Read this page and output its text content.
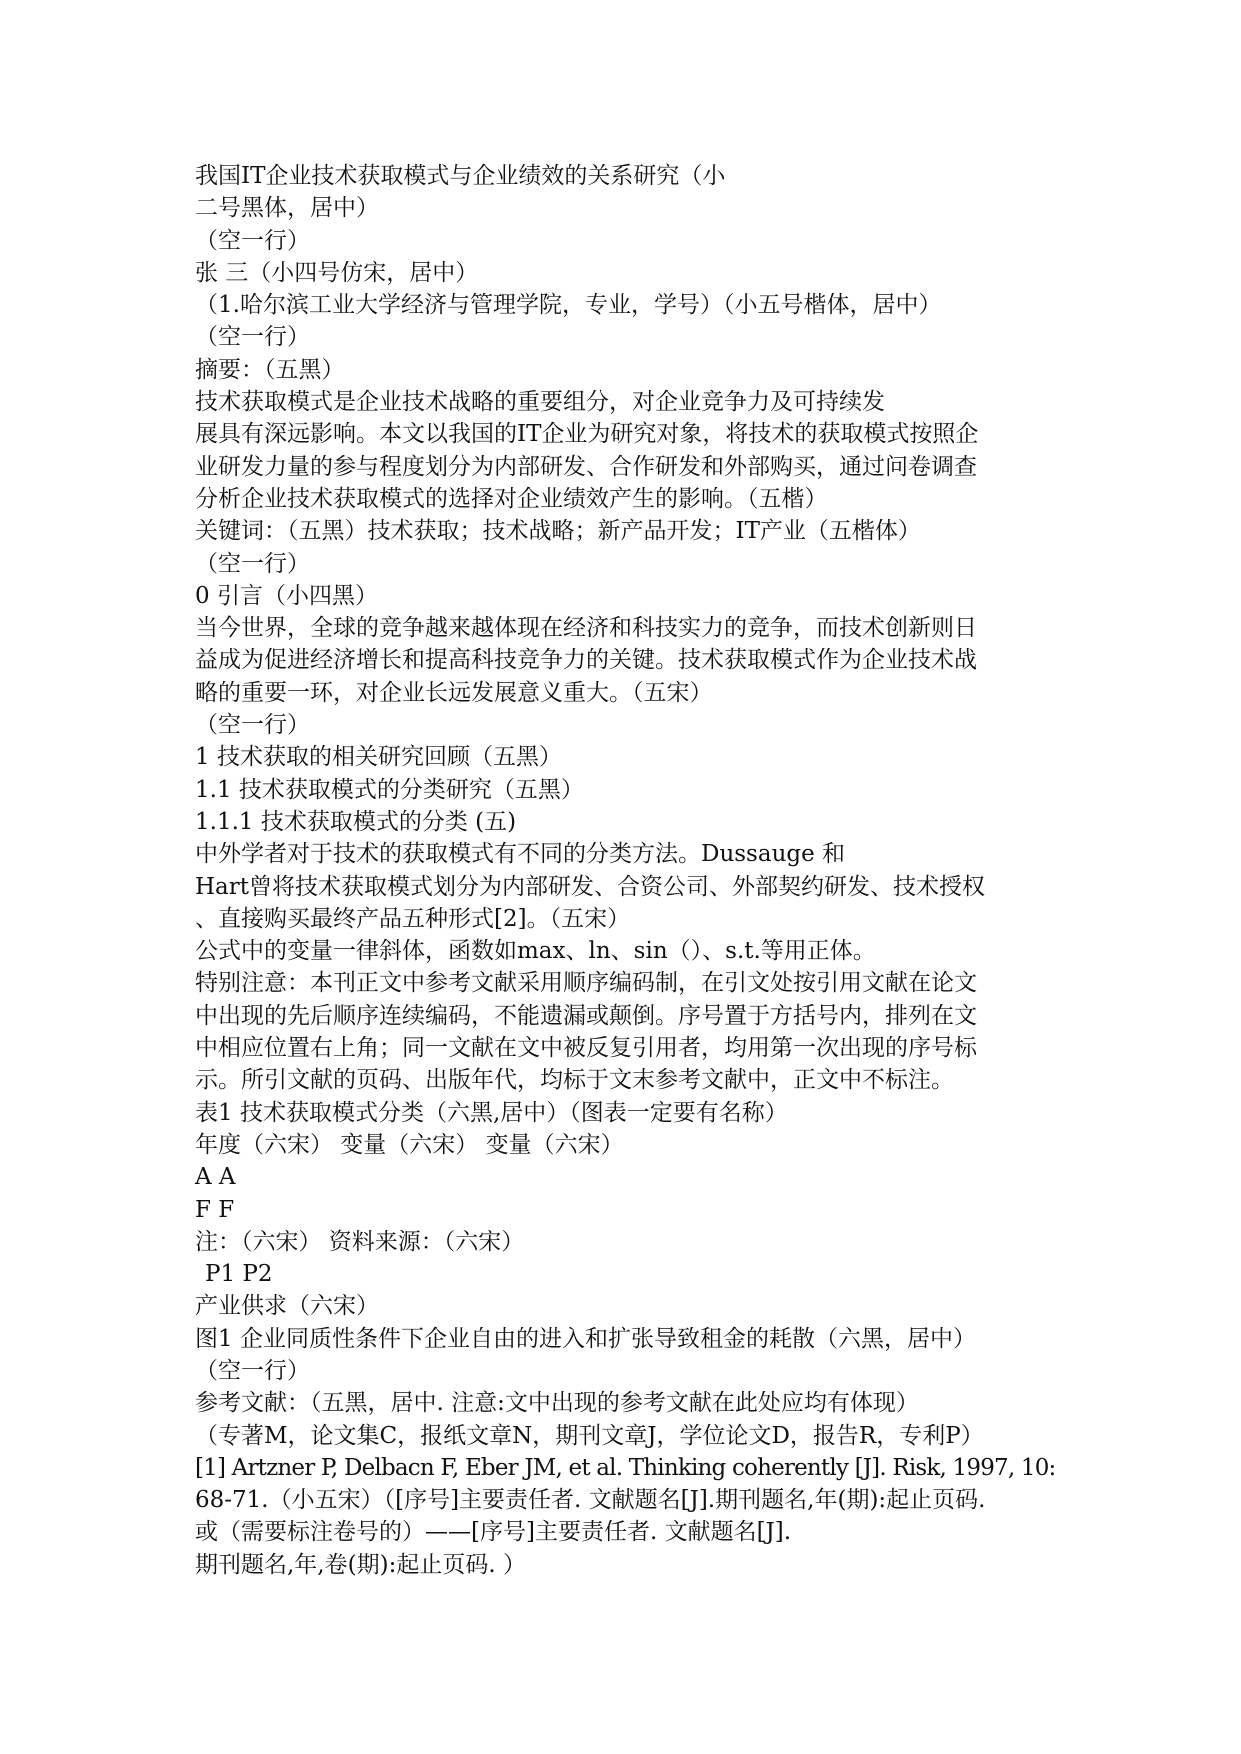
我国IT企业技术获取模式与企业绩效的关系研究（小
二号黑体，居中）
（空一行）
张 三（小四号仿宋，居中）
（1.哈尔滨工业大学经济与管理学院，专业，学号）（小五号楷体，居中）
（空一行）
摘要：（五黑）
技术获取模式是企业技术战略的重要组分，对企业竞争力及可持续发
展具有深远影响。本文以我国的IT企业为研究对象，将技术的获取模式按照企
业研发力量的参与程度划分为内部研发、合作研发和外部购买，通过问卷调查
分析企业技术获取模式的选择对企业绩效产生的影响。（五楷）
关键词：（五黑）技术获取；技术战略；新产品开发；IT产业（五楷体）
（空一行）
0 引言（小四黑）
当今世界，全球的竞争越来越体现在经济和科技实力的竞争，而技术创新则日
益成为促进经济增长和提高科技竞争力的关键。技术获取模式作为企业技术战
略的重要一环，对企业长远发展意义重大。（五宋）
（空一行）
1 技术获取的相关研究回顾（五黑）
1.1 技术获取模式的分类研究（五黑）
1.1.1 技术获取模式的分类 (五)
中外学者对于技术的获取模式有不同的分类方法。Dussauge 和
Hart曾将技术获取模式划分为内部研发、合资公司、外部契约研发、技术授权
、直接购买最终产品五种形式[2]。（五宋）
公式中的变量一律斜体，函数如max、ln、sin（）、s.t.等用正体。
特别注意：本刊正文中参考文献采用顺序编码制，在引文处按引用文献在论文
中出现的先后顺序连续编码，不能遗漏或颠倒。序号置于方括号内，排列在文
中相应位置右上角；同一文献在文中被反复引用者，均用第一次出现的序号标
示。所引文献的页码、出版年代，均标于文末参考文献中，正文中不标注。
表1 技术获取模式分类（六黑,居中）（图表一定要有名称）
年度（六宋） 变量（六宋） 变量（六宋）
A A
F F
注：（六宋） 资料来源：（六宋）
P1 P2
产业供求（六宋）
图1 企业同质性条件下企业自由的进入和扩张导致租金的耗散（六黑，居中）
（空一行）
参考文献：（五黑，居中. 注意:文中出现的参考文献在此处应均有体现）
（专著M，论文集C，报纸文章N，期刊文章J，学位论文D，报告R，专利P）
[1] Artzner P, Delbacn F, Eber JM, et al. Thinking coherently [J]. Risk, 1997, 10:
68-71.（小五宋）（[序号]主要责任者. 文献题名[J].期刊题名,年(期):起止页码.
或（需要标注卷号的）——[序号]主要责任者. 文献题名[J].
期刊题名,年,卷(期):起止页码. ）
